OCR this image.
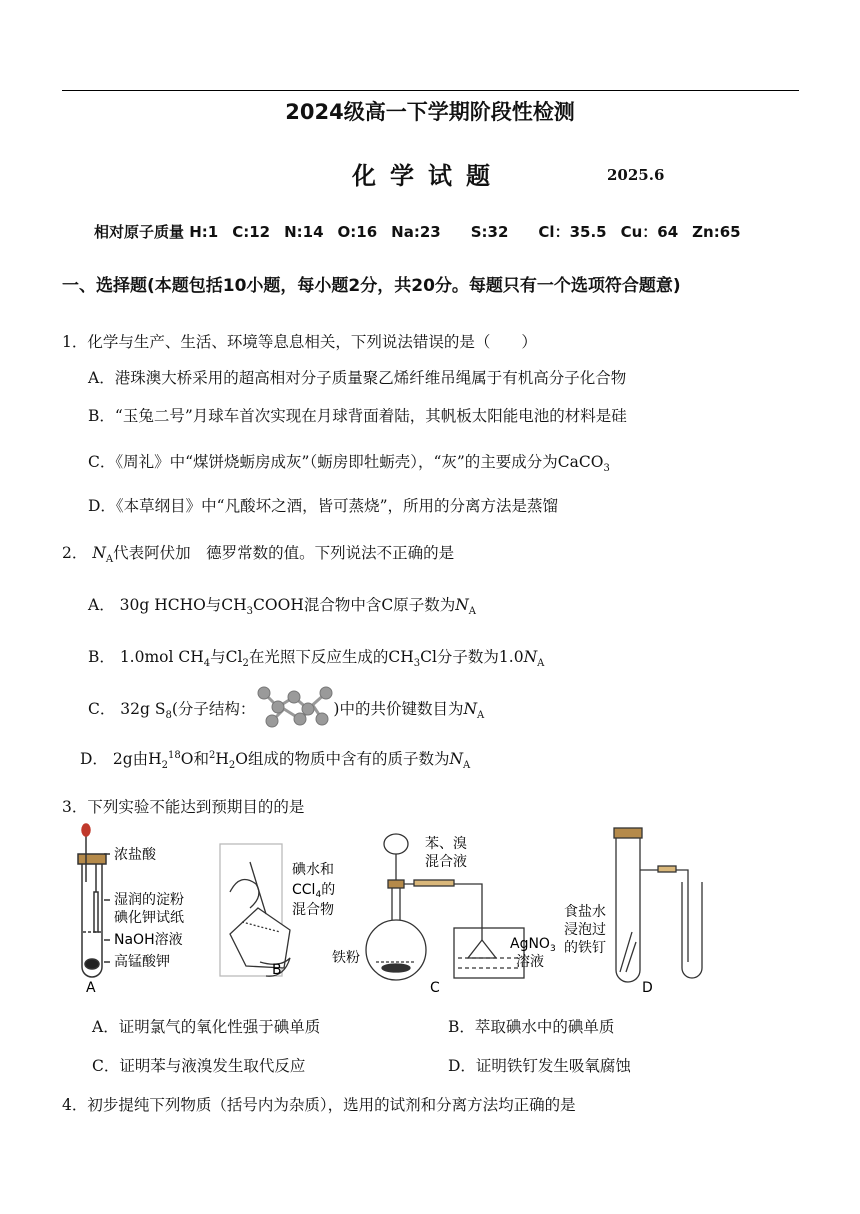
2024级高一下学期阶段性检测
化学试题	2025.6
相对原子质量 H:1 C:12 N:14 O:16 Na:23 S:32 Cl：35.5 Cu：64 Zn:65
一、选择题(本题包括10小题，每小题2分，共20分。每题只有一个选项符合题意)
1．化学与生产、生活、环境等息息相关，下列说法错误的是（　　）
A．港珠澳大桥采用的超高相对分子质量聚乙烯纤维吊绳属于有机高分子化合物
B．“玉兔二号”月球车首次实现在月球背面着陆，其帆板太阳能电池的材料是硅
C．《周礼》中“煤饼烧蛎房成灰”（蛎房即牡蛎壳），“灰”的主要成分为CaCO$_3$
D．《本草纲目》中“凡酸坏之酒，皆可蒸烧”，所用的分离方法是蒸馏
2． $N_A$代表阿伏加　德罗常数的值。下列说法不正确的是
A． 30g HCHO与$CH_3COOH$混合物中含C原子数为$N_A$
B． 1.0mol $CH_4$与$Cl_2$在光照下反应生成的$CH_3Cl$分子数为$1.0N_A$
C． 32g $S_8$(分子结构：	)中的共价键数目为$N_A$
D． 2g由$H_2^{18}O$和$^2H_2O$组成的物质中含有的质子数为$N_A$
3．下列实验不能达到预期目的的是
浓盐酸
湿润的淀粉
碘化钾试纸
NaOH溶液
高锰酸钾
A
B
碘水和
CCl$_4$的
混合物
苯、溴
混合液
铁粉
AgNO$_3$
溶液
C
食盐水
浸泡过
的铁钉
D
A．证明氯气的氧化性强于碘单质	B．萃取碘水中的碘单质
C．证明苯与液溴发生取代反应	D．证明铁钉发生吸氧腐蚀
4．初步提纯下列物质（括号内为杂质），选用的试剂和分离方法均正确的是
